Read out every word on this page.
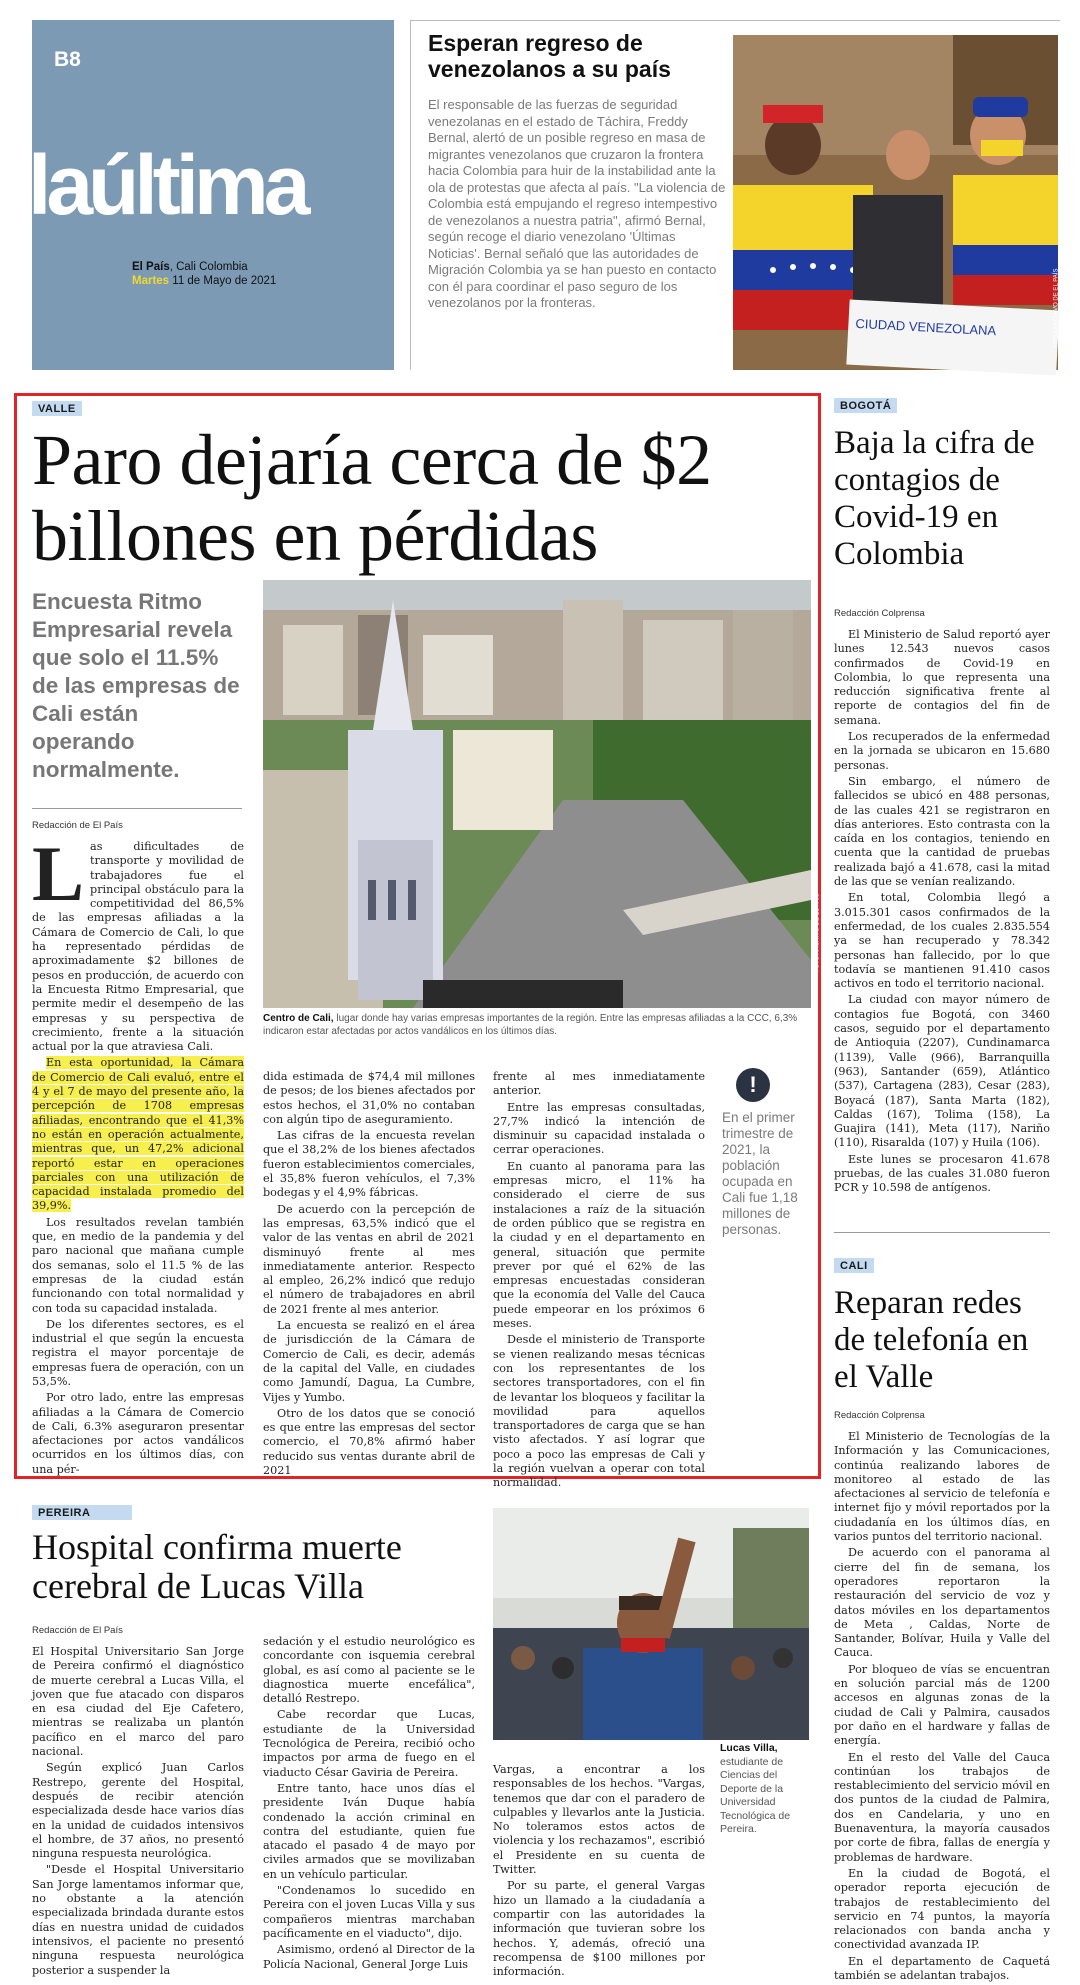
B8
laúltima
El País, Cali Colombia
Martes 11 de Mayo de 2021
Esperan regreso de venezolanos a su país
El responsable de las fuerzas de seguridad venezolanas en el estado de Táchira, Freddy Bernal, alertó de un posible regreso en masa de migrantes venezolanos que cruzaron la frontera hacia Colombia para huir de la instabilidad ante la ola de protestas que afecta al país. "La violencia de Colombia está empujando el regreso intempestivo de venezolanos a nuestra patria", afirmó Bernal, según recoge el diario venezolano 'Últimas Noticias'. Bernal señaló que las autoridades de Migración Colombia ya se han puesto en contacto con él para coordinar el paso seguro de los venezolanos por la fronteras.
CIUDAD VENEZOLANA	FOTO ARCHIVO DE EL PAÍS
VALLE
Paro dejaría cerca de $2 billones en pérdidas
Encuesta Ritmo Empresarial revela que solo el 11.5% de las empresas de Cali están operando normalmente.
Redacción de El País
FOTO ARCHIVO DE EL PAÍS
Centro de Cali, lugar donde hay varias empresas importantes de la región. Entre las empresas afiliadas a la CCC, 6,3% indicaron estar afectadas por actos vandálicos en los últimos días.

Las dificultades de transporte y movilidad de trabajadores fue el principal obstáculo para la competitividad del 86,5% de las empresas afiliadas a la Cámara de Comercio de Cali, lo que ha representado pérdidas de aproximadamente $2 billones de pesos en producción, de acuerdo con la Encuesta Ritmo Empresarial, que permite medir el desempeño de las empresas y su perspectiva de crecimiento, frente a la situación actual por la que atraviesa Cali.

En esta oportunidad, la Cámara de Comercio de Cali evaluó, entre el 4 y el 7 de mayo del presente año, la percepción de 1708 empresas afiliadas, encontrando que el 41,3% no están en operación actualmente, mientras que, un 47,2% adicional reportó estar en operaciones parciales con una utilización de capacidad instalada promedio del 39,9%.

Los resultados revelan también que, en medio de la pandemia y del paro nacional que mañana cumple dos semanas, solo el 11.5 % de las empresas de la ciudad están funcionando con total normalidad y con toda su capacidad instalada.

De los diferentes sectores, es el industrial el que según la encuesta registra el mayor porcentaje de empresas fuera de operación, con un 53,5%.

Por otro lado, entre las empresas afiliadas a la Cámara de Comercio de Cali, 6.3% aseguraron presentar afectaciones por actos vandálicos ocurridos en los últimos días, con una pér-

dida estimada de $74,4 mil millones de pesos; de los bienes afectados por estos hechos, el 31,0% no contaban con algún tipo de aseguramiento.

Las cifras de la encuesta revelan que el 38,2% de los bienes afectados fueron establecimientos comerciales, el 35,8% fueron vehículos, el 7,3% bodegas y el 4,9% fábricas.

De acuerdo con la percepción de las empresas, 63,5% indicó que el valor de las ventas en abril de 2021 disminuyó frente al mes inmediatamente anterior. Respecto al empleo, 26,2% indicó que redujo el número de trabajadores en abril de 2021 frente al mes anterior.

La encuesta se realizó en el área de jurisdicción de la Cámara de Comercio de Cali, es decir, además de la capital del Valle, en ciudades como Jamundí, Dagua, La Cumbre, Vijes y Yumbo.

Otro de los datos que se conoció es que entre las empresas del sector comercio, el 70,8% afirmó haber reducido sus ventas durante abril de 2021

frente al mes inmediatamente anterior.

Entre las empresas consultadas, 27,7% indicó la intención de disminuir su capacidad instalada o cerrar operaciones.

En cuanto al panorama para las empresas micro, el 11% ha considerado el cierre de sus instalaciones a raíz de la situación de orden público que se registra en la ciudad y en el departamento en general, situación que permite prever por qué el 62% de las empresas encuestadas consideran que la economía del Valle del Cauca puede empeorar en los próximos 6 meses.

Desde el ministerio de Transporte se vienen realizando mesas técnicas con los representantes de los sectores transportadores, con el fin de levantar los bloqueos y facilitar la movilidad para aquellos transportadores de carga que se han visto afectados. Y así lograr que poco a poco las empresas de Cali y la región vuelvan a operar con total normalidad.

!
En el primer trimestre de 2021, la población ocupada en Cali fue 1,18 millones de personas.
BOGOTÁ
Baja la cifra de contagios de Covid-19 en Colombia
Redacción Colprensa

El Ministerio de Salud reportó ayer lunes 12.543 nuevos casos confirmados de Covid-19 en Colombia, lo que representa una reducción significativa frente al reporte de contagios del fin de semana.

Los recuperados de la enfermedad en la jornada se ubicaron en 15.680 personas.

Sin embargo, el número de fallecidos se ubicó en 488 personas, de las cuales 421 se registraron en días anteriores. Esto contrasta con la caída en los contagios, teniendo en cuenta que la cantidad de pruebas realizada bajó a 41.678, casi la mitad de las que se venían realizando.

En total, Colombia llegó a 3.015.301 casos confirmados de la enfermedad, de los cuales 2.835.554 ya se han recuperado y 78.342 personas han fallecido, por lo que todavía se mantienen 91.410 casos activos en todo el territorio nacional.

La ciudad con mayor número de contagios fue Bogotá, con 3460 casos, seguido por el departamento de Antioquia (2207), Cundinamarca (1139), Valle (966), Barranquilla (963), Santander (659), Atlántico (537), Cartagena (283), Cesar (283), Boyacá (187), Santa Marta (182), Caldas (167), Tolima (158), La Guajira (141), Meta (117), Nariño (110), Risaralda (107) y Huila (106).

Este lunes se procesaron 41.678 pruebas, de las cuales 31.080 fueron PCR y 10.598 de antígenos.

CALI
Reparan redes de telefonía en el Valle
Redacción Colprensa

El Ministerio de Tecnologías de la Información y las Comunicaciones, continúa realizando labores de monitoreo al estado de las afectaciones al servicio de telefonía e internet fijo y móvil reportados por la ciudadanía en los últimos días, en varios puntos del territorio nacional.

De acuerdo con el panorama al cierre del fin de semana, los operadores reportaron la restauración del servicio de voz y datos móviles en los departamentos de Meta , Caldas, Norte de Santander, Bolívar, Huila y Valle del Cauca.

Por bloqueo de vías se encuentran en solución parcial más de 1200 accesos en algunas zonas de la ciudad de Cali y Palmira, causados por daño en el hardware y fallas de energía.

En el resto del Valle del Cauca continúan los trabajos de restablecimiento del servicio móvil en dos puntos de la ciudad de Palmira, dos en Candelaria, y uno en Buenaventura, la mayoría causados por corte de fibra, fallas de energía y problemas de hardware.

En la ciudad de Bogotá, el operador reporta ejecución de trabajos de restablecimiento del servicio en 74 puntos, la mayoría relacionados con banda ancha y conectividad avanzada IP.

En el departamento de Caquetá también se adelantan trabajos.

PEREIRA
Hospital confirma muerte cerebral de Lucas Villa
Redacción de El País

El Hospital Universitario San Jorge de Pereira confirmó el diagnóstico de muerte cerebral a Lucas Villa, el joven que fue atacado con disparos en esa ciudad del Eje Cafetero, mientras se realizaba un plantón pacífico en el marco del paro nacional.

Según explicó Juan Carlos Restrepo, gerente del Hospital, después de recibir atención especializada desde hace varios días en la unidad de cuidados intensivos el hombre, de 37 años, no presentó ninguna respuesta neurológica.

"Desde el Hospital Universitario San Jorge lamentamos informar que, no obstante a la atención especializada brindada durante estos días en nuestra unidad de cuidados intensivos, el paciente no presentó ninguna respuesta neurológica posterior a suspender la

sedación y el estudio neurológico es concordante con isquemia cerebral global, es así como al paciente se le diagnostica muerte encefálica", detalló Restrepo.

Cabe recordar que Lucas, estudiante de la Universidad Tecnológica de Pereira, recibió ocho impactos por arma de fuego en el viaducto César Gaviria de Pereira.

Entre tanto, hace unos días el presidente Iván Duque había condenado la acción criminal en contra del estudiante, quien fue atacado el pasado 4 de mayo por civiles armados que se movilizaban en un vehículo particular.

"Condenamos lo sucedido en Pereira con el joven Lucas Villa y sus compañeros mientras marchaban pacíficamente en el viaducto", dijo.

Asimismo, ordenó al Director de la Policía Nacional, General Jorge Luis

Lucas Villa, estudiante de Ciencias del Deporte de la Universidad Tecnológica de Pereira.

Vargas, a encontrar a los responsables de los hechos. "Vargas, tenemos que dar con el paradero de culpables y llevarlos ante la Justicia. No toleramos estos actos de violencia y los rechazamos", escribió el Presidente en su cuenta de Twitter.

Por su parte, el general Vargas hizo un llamado a la ciudadanía a compartir con las autoridades la información que tuvieran sobre los hechos. Y, además, ofreció una recompensa de $100 millones por información.
